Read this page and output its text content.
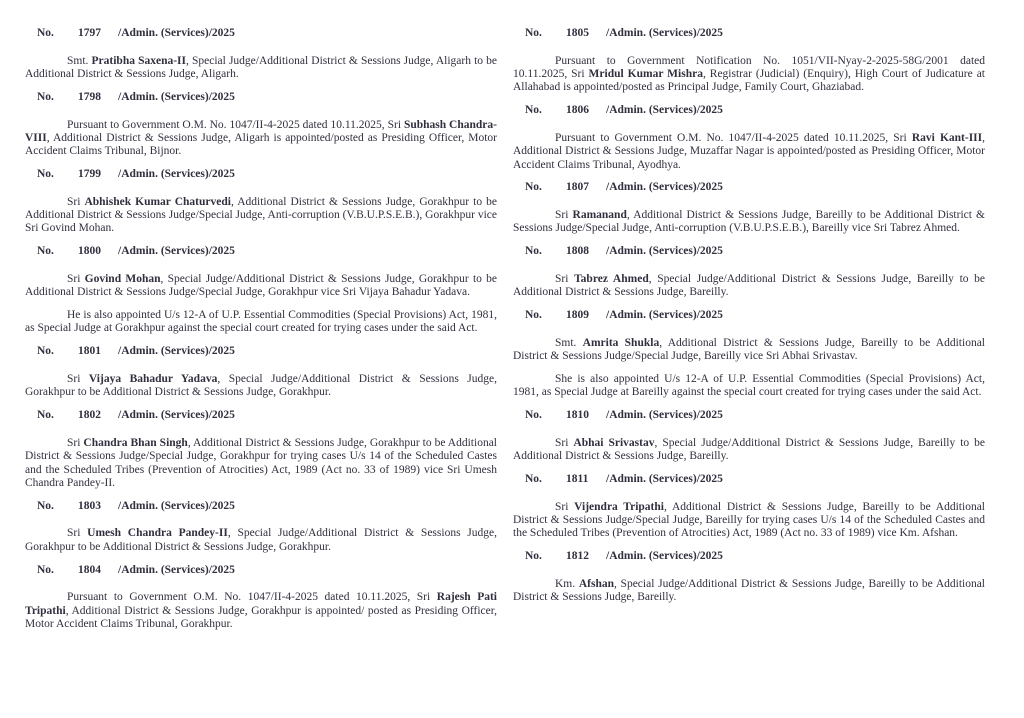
No. 1797 /Admin. (Services)/2025

Smt. Pratibha Saxena-II, Special Judge/Additional District & Sessions Judge, Aligarh to be Additional District & Sessions Judge, Aligarh.

No. 1798 /Admin. (Services)/2025

Pursuant to Government O.M. No. 1047/II-4-2025 dated 10.11.2025, Sri Subhash Chandra-VIII, Additional District & Sessions Judge, Aligarh is appointed/posted as Presiding Officer, Motor Accident Claims Tribunal, Bijnor.

No. 1799 /Admin. (Services)/2025

Sri Abhishek Kumar Chaturvedi, Additional District & Sessions Judge, Gorakhpur to be Additional District & Sessions Judge/Special Judge, Anti-corruption (V.B.U.P.S.E.B.), Gorakhpur vice Sri Govind Mohan.

No. 1800 /Admin. (Services)/2025

Sri Govind Mohan, Special Judge/Additional District & Sessions Judge, Gorakhpur to be Additional District & Sessions Judge/Special Judge, Gorakhpur vice Sri Vijaya Bahadur Yadava.

He is also appointed U/s 12-A of U.P. Essential Commodities (Special Provisions) Act, 1981, as Special Judge at Gorakhpur against the special court created for trying cases under the said Act.

No. 1801 /Admin. (Services)/2025

Sri Vijaya Bahadur Yadava, Special Judge/Additional District & Sessions Judge, Gorakhpur to be Additional District & Sessions Judge, Gorakhpur.

No. 1802 /Admin. (Services)/2025

Sri Chandra Bhan Singh, Additional District & Sessions Judge, Gorakhpur to be Additional District & Sessions Judge/Special Judge, Gorakhpur for trying cases U/s 14 of the Scheduled Castes and the Scheduled Tribes (Prevention of Atrocities) Act, 1989 (Act no. 33 of 1989) vice Sri Umesh Chandra Pandey-II.

No. 1803 /Admin. (Services)/2025

Sri Umesh Chandra Pandey-II, Special Judge/Additional District & Sessions Judge, Gorakhpur to be Additional District & Sessions Judge, Gorakhpur.

No. 1804 /Admin. (Services)/2025

Pursuant to Government O.M. No. 1047/II-4-2025 dated 10.11.2025, Sri Rajesh Pati Tripathi, Additional District & Sessions Judge, Gorakhpur is appointed/ posted as Presiding Officer, Motor Accident Claims Tribunal, Gorakhpur.

No. 1805 /Admin. (Services)/2025

Pursuant to Government Notification No. 1051/VII-Nyay-2-2025-58G/2001 dated 10.11.2025, Sri Mridul Kumar Mishra, Registrar (Judicial) (Enquiry), High Court of Judicature at Allahabad is appointed/posted as Principal Judge, Family Court, Ghaziabad.

No. 1806 /Admin. (Services)/2025

Pursuant to Government O.M. No. 1047/II-4-2025 dated 10.11.2025, Sri Ravi Kant-III, Additional District & Sessions Judge, Muzaffar Nagar is appointed/posted as Presiding Officer, Motor Accident Claims Tribunal, Ayodhya.

No. 1807 /Admin. (Services)/2025

Sri Ramanand, Additional District & Sessions Judge, Bareilly to be Additional District & Sessions Judge/Special Judge, Anti-corruption (V.B.U.P.S.E.B.), Bareilly vice Sri Tabrez Ahmed.

No. 1808 /Admin. (Services)/2025

Sri Tabrez Ahmed, Special Judge/Additional District & Sessions Judge, Bareilly to be Additional District & Sessions Judge, Bareilly.

No. 1809 /Admin. (Services)/2025

Smt. Amrita Shukla, Additional District & Sessions Judge, Bareilly to be Additional District & Sessions Judge/Special Judge, Bareilly vice Sri Abhai Srivastav.

She is also appointed U/s 12-A of U.P. Essential Commodities (Special Provisions) Act, 1981, as Special Judge at Bareilly against the special court created for trying cases under the said Act.

No. 1810 /Admin. (Services)/2025

Sri Abhai Srivastav, Special Judge/Additional District & Sessions Judge, Bareilly to be Additional District & Sessions Judge, Bareilly.

No. 1811 /Admin. (Services)/2025

Sri Vijendra Tripathi, Additional District & Sessions Judge, Bareilly to be Additional District & Sessions Judge/Special Judge, Bareilly for trying cases U/s 14 of the Scheduled Castes and the Scheduled Tribes (Prevention of Atrocities) Act, 1989 (Act no. 33 of 1989) vice Km. Afshan.

No. 1812 /Admin. (Services)/2025

Km. Afshan, Special Judge/Additional District & Sessions Judge, Bareilly to be Additional District & Sessions Judge, Bareilly.
